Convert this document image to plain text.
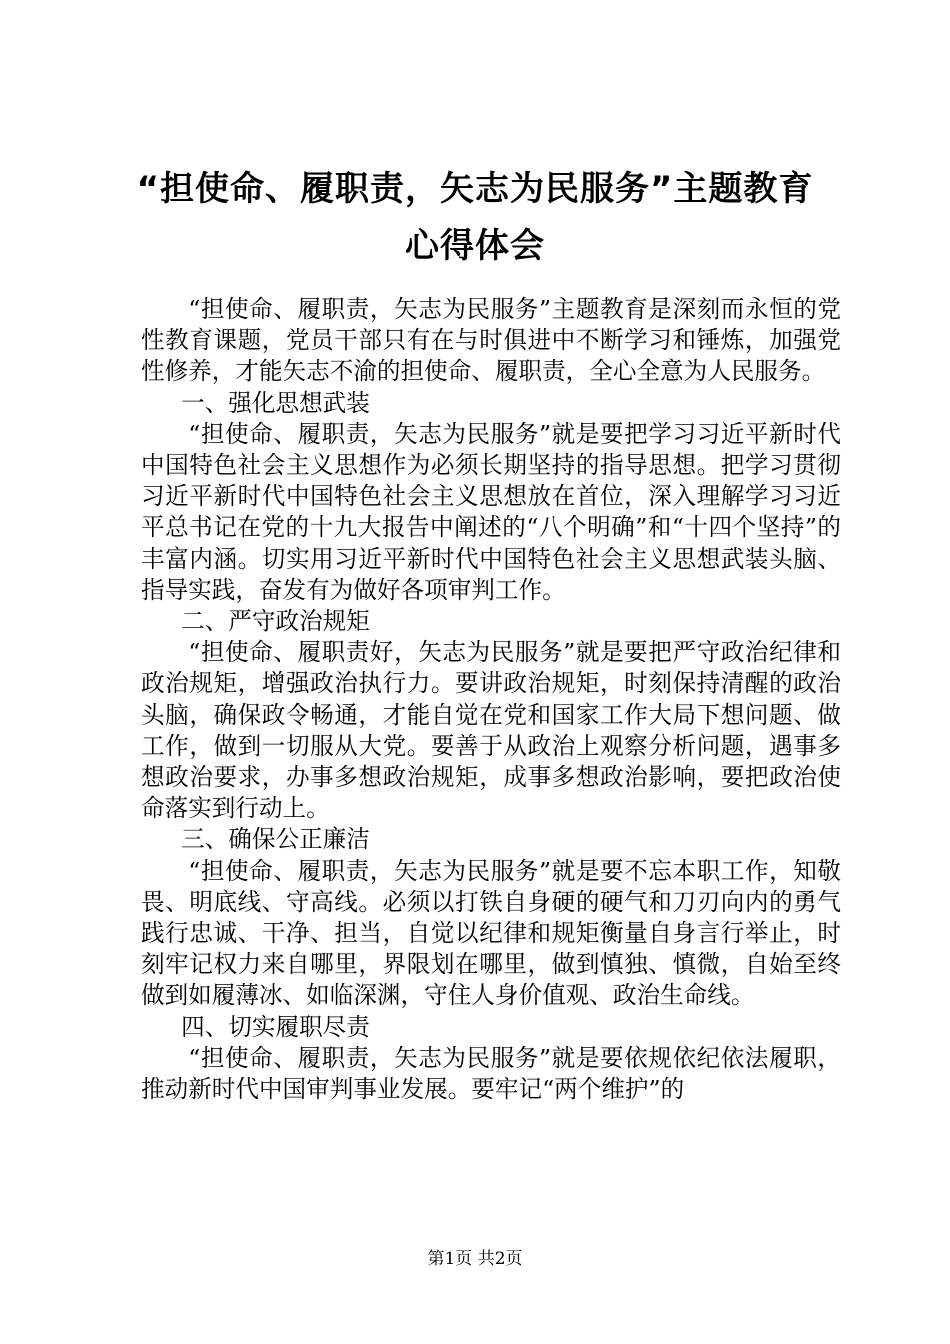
“担使命、履职责，矢志为民服务”主题教育
心得体会

“担使命、履职责，矢志为民服务”主题教育是深刻而永恒的党性教育课题，党员干部只有在与时俱进中不断学习和锤炼，加强党性修养，才能矢志不渝的担使命、履职责，全心全意为人民服务。

一、强化思想武装

“担使命、履职责，矢志为民服务”就是要把学习习近平新时代中国特色社会主义思想作为必须长期坚持的指导思想。把学习贯彻习近平新时代中国特色社会主义思想放在首位，深入理解学习习近平总书记在党的十九大报告中阐述的“八个明确”和“十四个坚持”的丰富内涵。切实用习近平新时代中国特色社会主义思想武装头脑、指导实践，奋发有为做好各项审判工作。

二、严守政治规矩

“担使命、履职责好，矢志为民服务”就是要把严守政治纪律和政治规矩，增强政治执行力。要讲政治规矩，时刻保持清醒的政治头脑，确保政令畅通，才能自觉在党和国家工作大局下想问题、做工作，做到一切服从大党。要善于从政治上观察分析问题，遇事多想政治要求，办事多想政治规矩，成事多想政治影响，要把政治使命落实到行动上。

三、确保公正廉洁

“担使命、履职责，矢志为民服务”就是要不忘本职工作，知敬畏、明底线、守高线。必须以打铁自身硬的硬气和刀刃向内的勇气践行忠诚、干净、担当，自觉以纪律和规矩衡量自身言行举止，时刻牢记权力来自哪里，界限划在哪里，做到慎独、慎微，自始至终做到如履薄冰、如临深渊，守住人身价值观、政治生命线。

四、切实履职尽责

“担使命、履职责，矢志为民服务”就是要依规依纪依法履职，推动新时代中国审判事业发展。要牢记“两个维护”的

第1页 共2页
